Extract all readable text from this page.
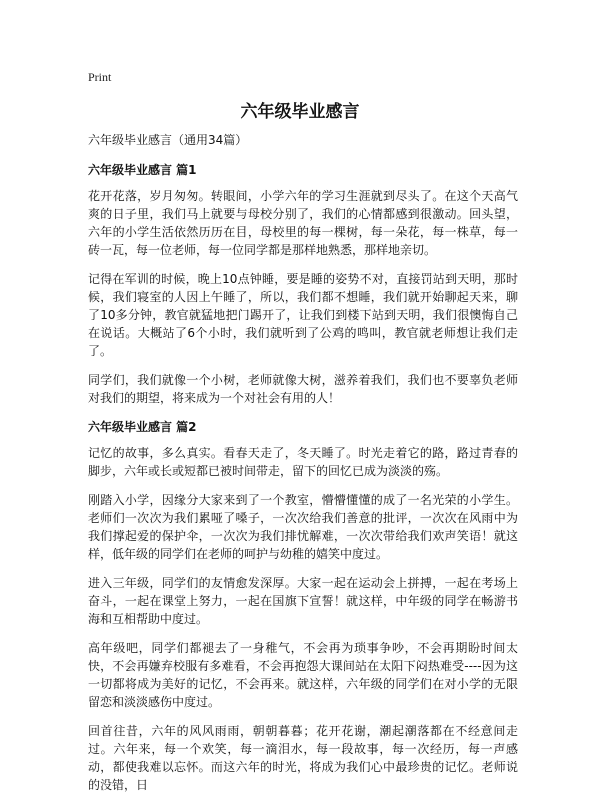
Print
六年级毕业感言
六年级毕业感言（通用34篇）
六年级毕业感言 篇1

花开花落，岁月匆匆。转眼间，小学六年的学习生涯就到尽头了。在这个天高气爽的日子里，我们马上就要与母校分别了，我们的心情都感到很激动。回头望，六年的小学生活依然历历在目，母校里的每一棵树，每一朵花，每一株草，每一砖一瓦，每一位老师，每一位同学都是那样地熟悉，那样地亲切。

记得在军训的时候，晚上10点钟睡，要是睡的姿势不对，直接罚站到天明，那时候，我们寝室的人因上午睡了，所以，我们都不想睡，我们就开始聊起天来，聊了10多分钟，教官就猛地把门踢开了，让我们到楼下站到天明，我们很懊悔自己在说话。大概站了6个小时，我们就听到了公鸡的鸣叫，教官就老师想让我们走了。

同学们，我们就像一个小树，老师就像大树，滋养着我们，我们也不要辜负老师对我们的期望，将来成为一个对社会有用的人！

六年级毕业感言 篇2

记忆的故事，多么真实。看春天走了，冬天睡了。时光走着它的路，路过青春的脚步，六年或长或短都已被时间带走，留下的回忆已成为淡淡的殇。

刚踏入小学，因缘分大家来到了一个教室，懵懵懂懂的成了一名光荣的小学生。老师们一次次为我们累哑了嗓子，一次次给我们善意的批评，一次次在风雨中为我们撑起爱的保护伞，一次次为我们排忧解难，一次次带给我们欢声笑语！就这样，低年级的同学们在老师的呵护与幼稚的嬉笑中度过。

进入三年级，同学们的友情愈发深厚。大家一起在运动会上拼搏，一起在考场上奋斗，一起在课堂上努力，一起在国旗下宣誓！就这样，中年级的同学在畅游书海和互相帮助中度过。

高年级吧，同学们都褪去了一身稚气，不会再为琐事争吵，不会再期盼时间太快，不会再嫌弃校服有多难看，不会再抱怨大课间站在太阳下闷热难受----因为这一切都将成为美好的记忆，不会再来。就这样，六年级的同学们在对小学的无限留恋和淡淡感伤中度过。

回首往昔，六年的风风雨雨，朝朝暮暮；花开花谢，潮起潮落都在不经意间走过。六年来，每一个欢笑，每一滴泪水，每一段故事，每一次经历，每一声感动，都使我难以忘怀。而这六年的时光，将成为我们心中最珍贵的记忆。老师说的没错，日
